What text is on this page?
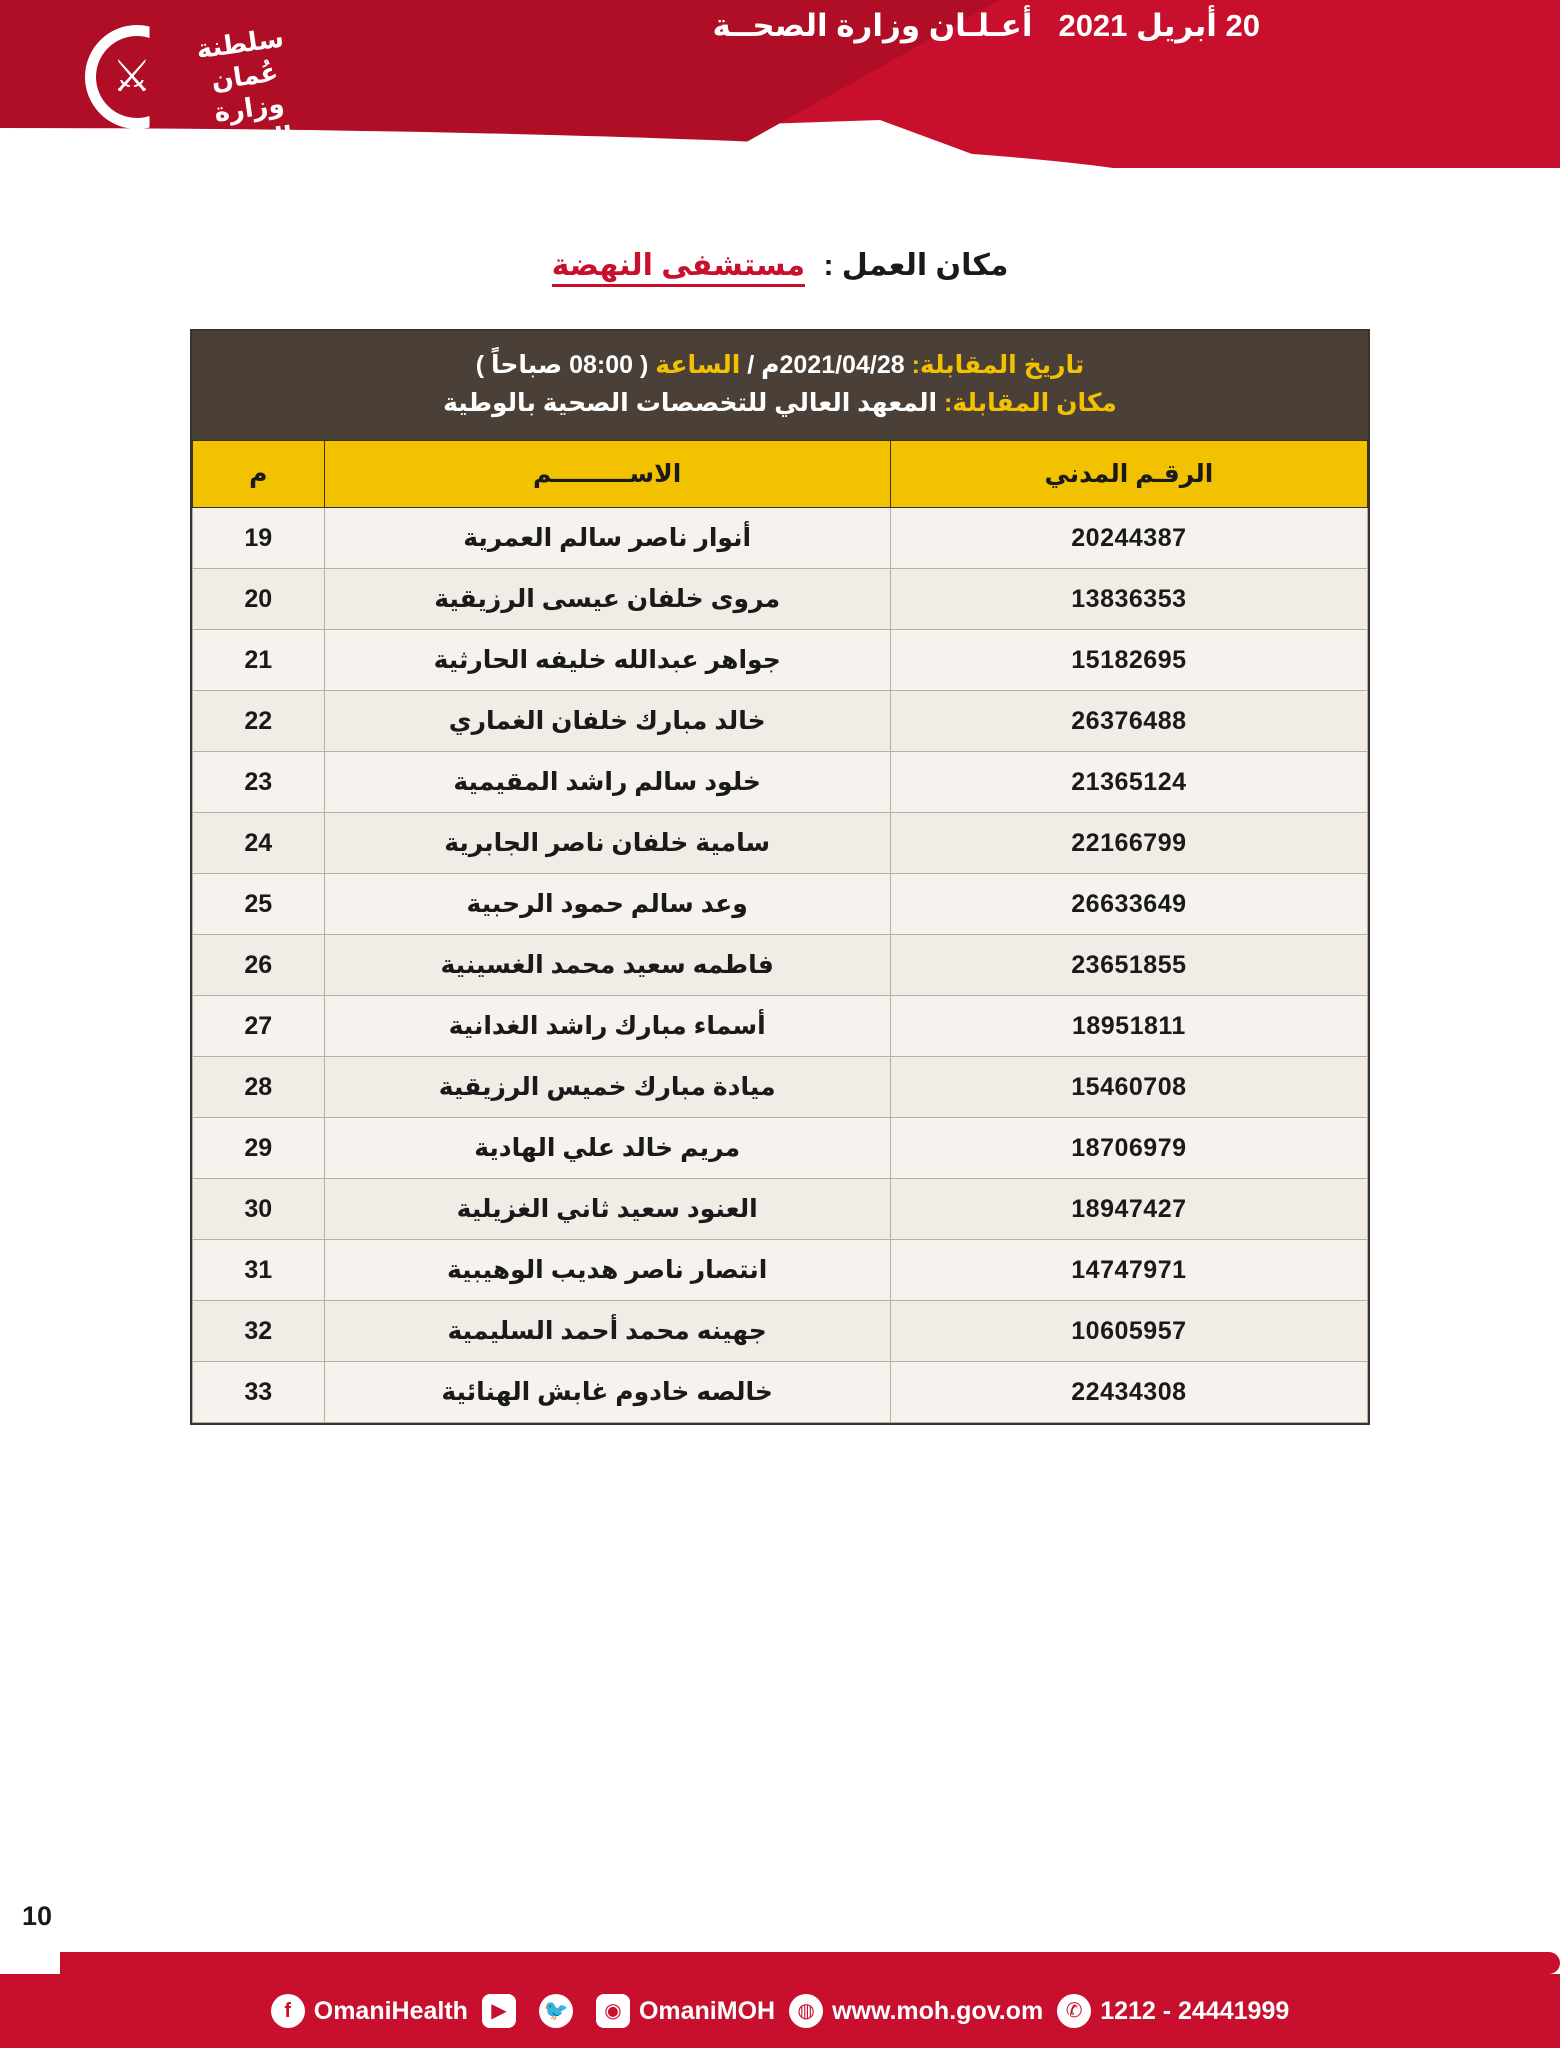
20 أبريل 2021
أعـلـان وزارة الصحــة
⚔
سلطنة عُمان
وزارة الصحة
مكان العمل : مستشفى النهضة
تاريخ المقابلة: 2021/04/28م / الساعة ( 08:00 صباحاً )
مكان المقابلة: المعهد العالي للتخصصات الصحية بالوطية
الرقـم المدني	الاســـــــــم	م
20244387	أنوار ناصر سالم العمرية	19
13836353	مروى خلفان عيسى الرزيقية	20
15182695	جواهر عبدالله خليفه الحارثية	21
26376488	خالد مبارك خلفان الغماري	22
21365124	خلود سالم راشد المقيمية	23
22166799	سامية خلفان ناصر الجابرية	24
26633649	وعد سالم حمود الرحبية	25
23651855	فاطمه سعيد محمد الغسينية	26
18951811	أسماء مبارك راشد الغدانية	27
15460708	ميادة مبارك خميس الرزيقية	28
18706979	مريم خالد علي الهادية	29
18947427	العنود سعيد ثاني الغزيلية	30
14747971	انتصار ناصر هديب الوهيبية	31
10605957	جهينه محمد أحمد السليمية	32
22434308	خالصه خادوم غابش الهنائية	33
10
f OmaniHealth	▶	🐦	◉ OmaniMOH	◍ www.moh.gov.om	✆ 1212 - 24441999
